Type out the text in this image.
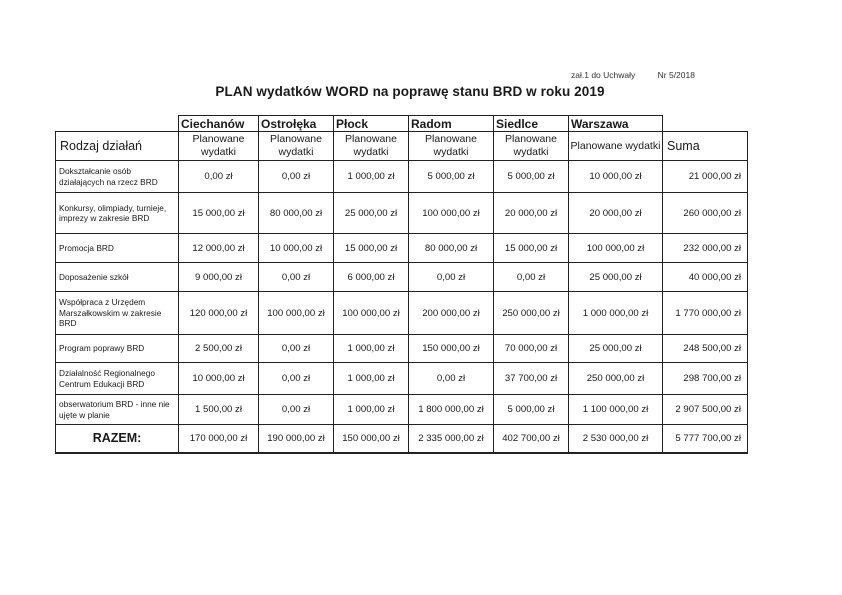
zał.1 do Uchwały	Nr 5/2018
PLAN wydatków WORD na poprawę stanu BRD w roku 2019
	Ciechanów	Ostrołęka	Płock	Radom	Siedlce	Warszawa	
Rodzaj działań	Planowane wydatki	Planowane wydatki	Planowane wydatki	Planowane wydatki	Planowane wydatki	Planowane wydatki	Suma
Dokształcanie osób działających na rzecz BRD	0,00 zł	0,00 zł	1 000,00 zł	5 000,00 zł	5 000,00 zł	10 000,00 zł	21 000,00 zł
Konkursy, olimpiady, turnieje, imprezy w zakresie BRD	15 000,00 zł	80 000,00 zł	25 000,00 zł	100 000,00 zł	20 000,00 zł	20 000,00 zł	260 000,00 zł
Promocja BRD	12 000,00 zł	10 000,00 zł	15 000,00 zł	80 000,00 zł	15 000,00 zł	100 000,00 zł	232 000,00 zł
Doposażenie szkół	9 000,00 zł	0,00 zł	6 000,00 zł	0,00 zł	0,00 zł	25 000,00 zł	40 000,00 zł
Współpraca z Urzędem Marszałkowskim w zakresie BRD	120 000,00 zł	100 000,00 zł	100 000,00 zł	200 000,00 zł	250 000,00 zł	1 000 000,00 zł	1 770 000,00 zł
Program poprawy BRD	2 500,00 zł	0,00 zł	1 000,00 zł	150 000,00 zł	70 000,00 zł	25 000,00 zł	248 500,00 zł
Działalność Regionalnego Centrum Edukacji BRD	10 000,00 zł	0,00 zł	1 000,00 zł	0,00 zł	37 700,00 zł	250 000,00 zł	298 700,00 zł
obserwatorium BRD - inne nie ujęte w planie	1 500,00 zł	0,00 zł	1 000,00 zł	1 800 000,00 zł	5 000,00 zł	1 100 000,00 zł	2 907 500,00 zł
RAZEM:	170 000,00 zł	190 000,00 zł	150 000,00 zł	2 335 000,00 zł	402 700,00 zł	2 530 000,00 zł	5 777 700,00 zł
